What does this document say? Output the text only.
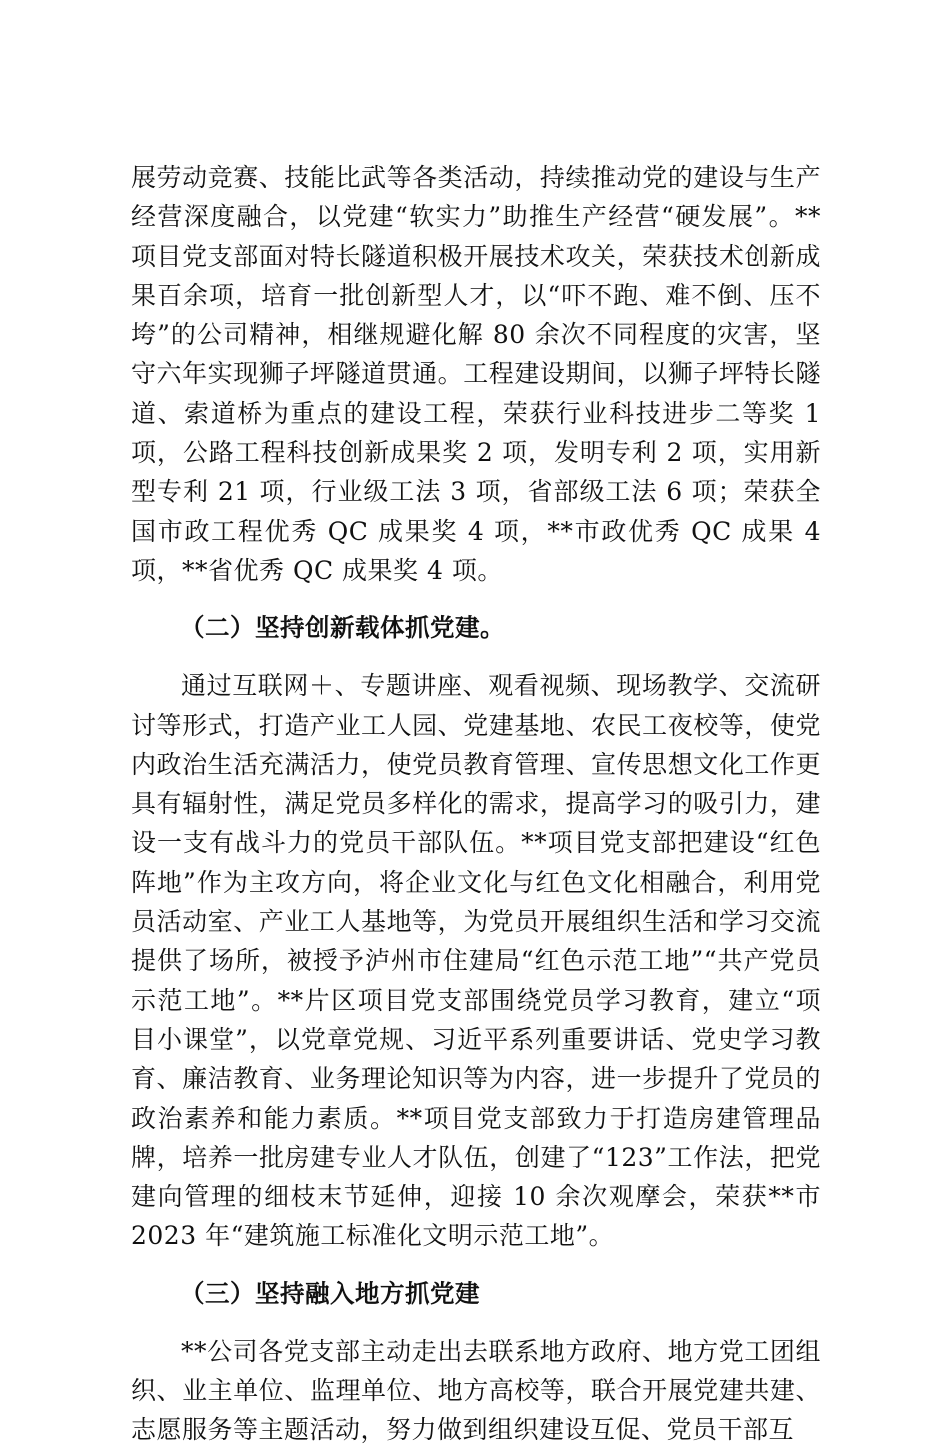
展劳动竞赛、技能比武等各类活动，持续推动党的建设与生产经营深度融合，以党建“软实力”助推生产经营“硬发展”。**项目党支部面对特长隧道积极开展技术攻关，荣获技术创新成果百余项，培育一批创新型人才，以“吓不跑、难不倒、压不垮”的公司精神，相继规避化解 80 余次不同程度的灾害，坚守六年实现狮子坪隧道贯通。工程建设期间，以狮子坪特长隧道、索道桥为重点的建设工程，荣获行业科技进步二等奖 1 项，公路工程科技创新成果奖 2 项，发明专利 2 项，实用新型专利 21 项，行业级工法 3 项，省部级工法 6 项；荣获全国市政工程优秀 QC 成果奖 4 项，**市政优秀 QC 成果 4 项，**省优秀 QC 成果奖 4 项。

（二）坚持创新载体抓党建。

通过互联网＋、专题讲座、观看视频、现场教学、交流研讨等形式，打造产业工人园、党建基地、农民工夜校等，使党内政治生活充满活力，使党员教育管理、宣传思想文化工作更具有辐射性，满足党员多样化的需求，提高学习的吸引力，建设一支有战斗力的党员干部队伍。**项目党支部把建设“红色阵地”作为主攻方向，将企业文化与红色文化相融合，利用党员活动室、产业工人基地等，为党员开展组织生活和学习交流提供了场所，被授予泸州市住建局“红色示范工地”“共产党员示范工地”。**片区项目党支部围绕党员学习教育，建立“项目小课堂”，以党章党规、习近平系列重要讲话、党史学习教育、廉洁教育、业务理论知识等为内容，进一步提升了党员的政治素养和能力素质。**项目党支部致力于打造房建管理品牌，培养一批房建专业人才队伍，创建了“123”工作法，把党建向管理的细枝末节延伸，迎接 10 余次观摩会，荣获**市 2023 年“建筑施工标准化文明示范工地”。

（三）坚持融入地方抓党建

**公司各党支部主动走出去联系地方政府、地方党工团组织、业主单位、监理单位、地方高校等，联合开展党建共建、志愿服务等主题活动，努力做到组织建设互促、党员干部互
